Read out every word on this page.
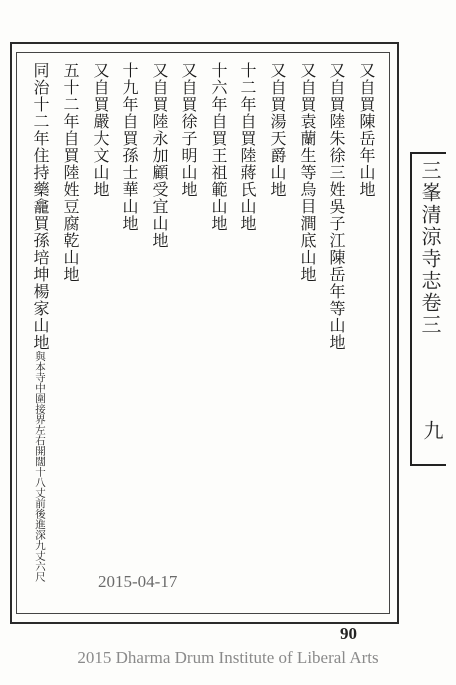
又自買陳岳年山地
又自買陸朱徐三姓吳子江陳岳年等山地
又自買袁蘭生等烏目澗底山地
又自買湯天爵山地
十二年自買陸蔣氏山地
十六年自買王祖範山地
又自買徐子明山地
又自買陸永加顧受宜山地
十九年自買孫士華山地
又自買嚴大文山地
五十二年自買陸姓豆腐乾山地
同治十二年住持藥龕買孫培坤楊家山地與本寺中圍接界左右開闊十八丈前後進深九丈六尺
三峯清涼寺志卷三
九
2015-04-17
90
2015 Dharma Drum Institute of Liberal Arts
